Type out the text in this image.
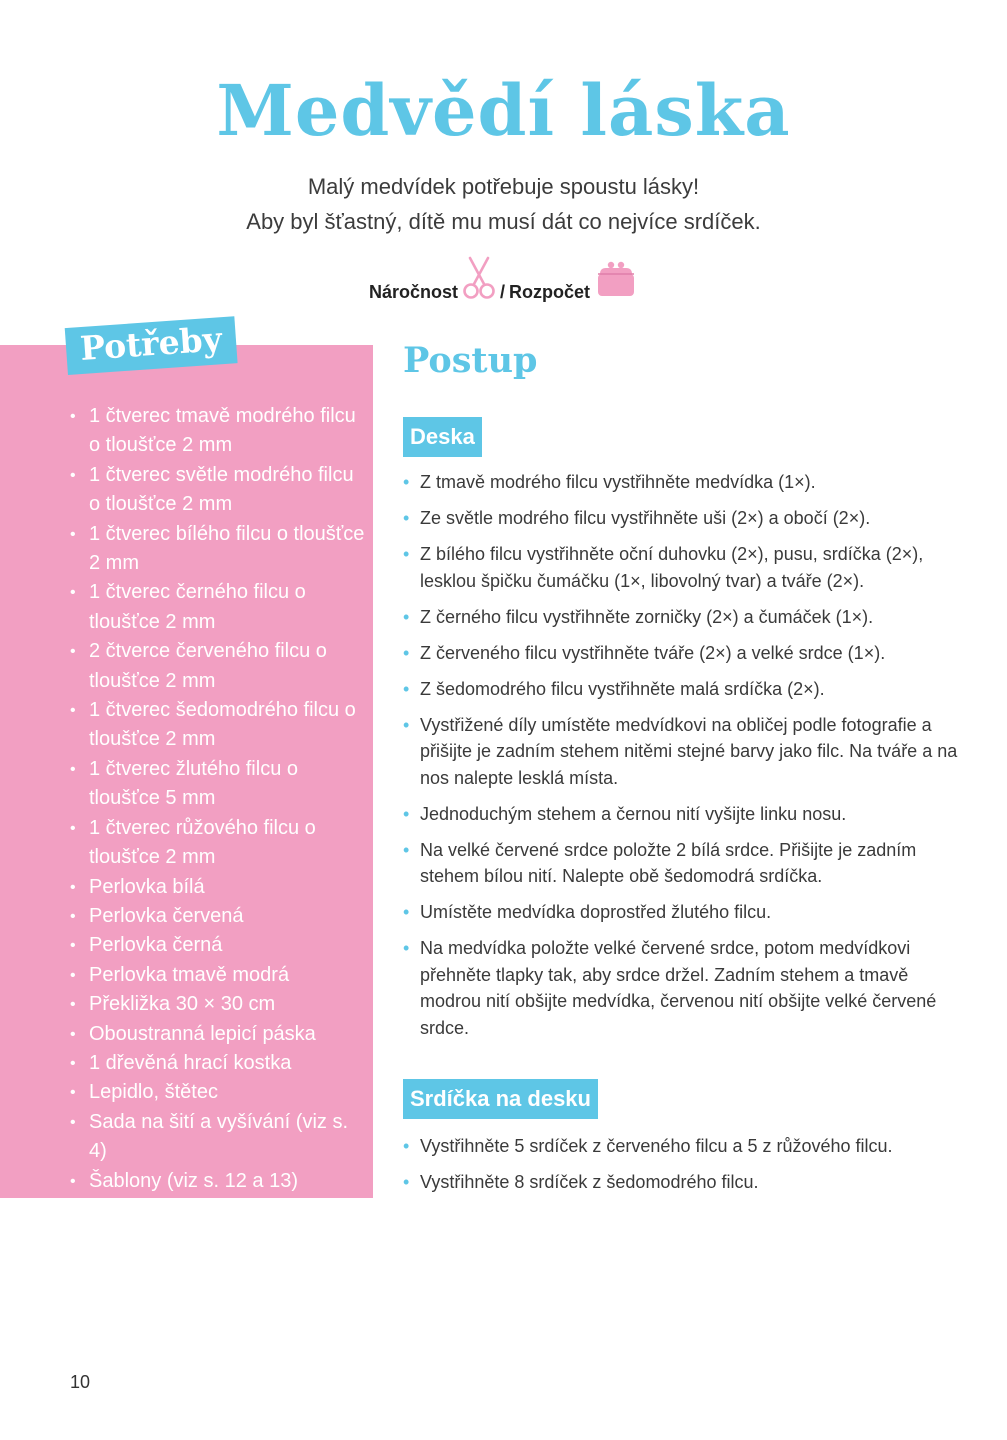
Medvědí láska
Malý medvídek potřebuje spoustu lásky!
Aby byl šťastný, dítě mu musí dát co nejvíce srdíček.
Náročnost / Rozpočet
Potřeby
• 1 čtverec tmavě modrého filcu o tloušťce 2 mm
• 1 čtverec světle modrého filcu o tloušťce 2 mm
• 1 čtverec bílého filcu o tloušťce 2 mm
• 1 čtverec černého filcu o tloušťce 2 mm
• 2 čtverce červeného filcu o tloušťce 2 mm
• 1 čtverec šedomodrého filcu o tloušťce 2 mm
• 1 čtverec žlutého filcu o tloušťce 5 mm
• 1 čtverec růžového filcu o tloušťce 2 mm
• Perlovka bílá
• Perlovka červená
• Perlovka černá
• Perlovka tmavě modrá
• Překližka 30 × 30 cm
• Oboustranná lepicí páska
• 1 dřevěná hrací kostka
• Lepidlo, štětec
• Sada na šití a vyšívání (viz s. 4)
• Šablony (viz s. 12 a 13)
Postup
Deska
• Z tmavě modrého filcu vystřihněte medvídka (1×).
• Ze světle modrého filcu vystřihněte uši (2×) a obočí (2×).
• Z bílého filcu vystřihněte oční duhovku (2×), pusu, srdíčka (2×), lesklou špičku čumáčku (1×, libovolný tvar) a tváře (2×).
• Z černého filcu vystřihněte zorničky (2×) a čumáček (1×).
• Z červeného filcu vystřihněte tváře (2×) a velké srdce (1×).
• Z šedomodrého filcu vystřihněte malá srdíčka (2×).
• Vystřižené díly umístěte medvídkovi na obličej podle fotografie a přišijte je zadním stehem nitěmi stejné barvy jako filc. Na tváře a na nos nalepte lesklá místa.
• Jednoduchým stehem a černou nití vyšijte linku nosu.
• Na velké červené srdce položte 2 bílá srdce. Přišijte je zadním stehem bílou nití. Nalepte obě šedomodrá srdíčka.
• Umístěte medvídka doprostřed žlutého filcu.
• Na medvídka položte velké červené srdce, potom medvídkovi přehněte tlapky tak, aby srdce držel. Zadním stehem a tmavě modrou nití obšijte medvídka, červenou nití obšijte velké červené srdce.
Srdíčka na desku
• Vystřihněte 5 srdíček z červeného filcu a 5 z růžového filcu.
• Vystřihněte 8 srdíček z šedomodrého filcu.
10
